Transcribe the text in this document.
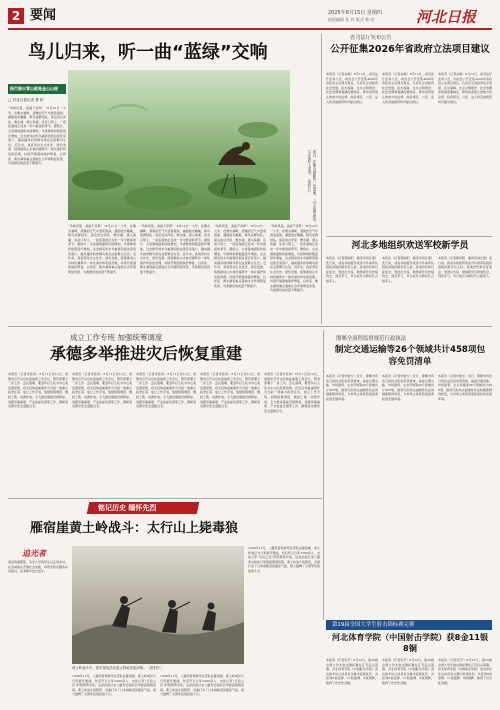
2 要闻	2025年8月15日 星期四
值班编辑 张 玲 版式 韩 欣	河北日报
鸟儿归来，听一曲“蓝绿”交响
夏日，在衡水湖畔的一处湿地，一对水雉带着幼鸟在荷叶上觅食。（资料片）
践行绿水青山就是金山山规
□ 河北日报记者 曹 彬
“鸟鸣风里，美丽不是梦！”8月12日一大早，在衡水湖畔，清晨的空气中透着湿润，湖面波光粼粼，候鸟成群结队。保定的白洋淀、衡水湖、唐山南湖、张家口坝上，一座座湿地正迎来一年中最美的季节。据统计，全省湿地面积持续增加，鸟类种类和数量逐年增加，过去鲜见的水鸟重新回到这里安家落户，越来越多的珍稀鸟类在这里繁衍生息。近年来，我省坚持生态优先、绿色发展，统筹推进山水林田湖草沙一体化保护和系统治理，持续开展湿地保护修复，白洋淀、衡水湖等重点湿地生态环境明显改善，鸟类栖息地质量不断提升。
“鸟鸣风里，美丽不是梦！”8月12日一大早，在衡水湖畔，清晨的空气中透着湿润，湖面波光粼粼，候鸟成群结队。保定的白洋淀、衡水湖、唐山南湖、张家口坝上，一座座湿地正迎来一年中最美的季节。据统计，全省湿地面积持续增加，鸟类种类和数量逐年增加，过去鲜见的水鸟重新回到这里安家落户，越来越多的珍稀鸟类在这里繁衍生息。近年来，我省坚持生态优先、绿色发展，统筹推进山水林田湖草沙一体化保护和系统治理，持续开展湿地保护修复，白洋淀、衡水湖等重点湿地生态环境明显改善，鸟类栖息地质量不断提升。
“鸟鸣风里，美丽不是梦！”8月12日一大早，在衡水湖畔，清晨的空气中透着湿润，湖面波光粼粼，候鸟成群结队。保定的白洋淀、衡水湖、唐山南湖、张家口坝上，一座座湿地正迎来一年中最美的季节。据统计，全省湿地面积持续增加，鸟类种类和数量逐年增加，过去鲜见的水鸟重新回到这里安家落户，越来越多的珍稀鸟类在这里繁衍生息。近年来，我省坚持生态优先、绿色发展，统筹推进山水林田湖草沙一体化保护和系统治理，持续开展湿地保护修复，白洋淀、衡水湖等重点湿地生态环境明显改善，鸟类栖息地质量不断提升。
“鸟鸣风里，美丽不是梦！”8月12日一大早，在衡水湖畔，清晨的空气中透着湿润，湖面波光粼粼，候鸟成群结队。保定的白洋淀、衡水湖、唐山南湖、张家口坝上，一座座湿地正迎来一年中最美的季节。据统计，全省湿地面积持续增加，鸟类种类和数量逐年增加，过去鲜见的水鸟重新回到这里安家落户，越来越多的珍稀鸟类在这里繁衍生息。近年来，我省坚持生态优先、绿色发展，统筹推进山水林田湖草沙一体化保护和系统治理，持续开展湿地保护修复，白洋淀、衡水湖等重点湿地生态环境明显改善，鸟类栖息地质量不断提升。
“鸟鸣风里，美丽不是梦！”8月12日一大早，在衡水湖畔，清晨的空气中透着湿润，湖面波光粼粼，候鸟成群结队。保定的白洋淀、衡水湖、唐山南湖、张家口坝上，一座座湿地正迎来一年中最美的季节。据统计，全省湿地面积持续增加，鸟类种类和数量逐年增加，过去鲜见的水鸟重新回到这里安家落户，越来越多的珍稀鸟类在这里繁衍生息。近年来，我省坚持生态优先、绿色发展，统筹推进山水林田湖草沙一体化保护和系统治理，持续开展湿地保护修复，白洋淀、衡水湖等重点湿地生态环境明显改善，鸟类栖息地质量不断提升。
省司法厅发布公告
公开征集2026年省政府立法项目建议
本报讯（记者谷峰）8月12日，省司法厅发布公告，向社会公开征集2026年省政府立法项目建议。凡涉及全省经济社会发展、民生保障、生态文明建设、社会治理等领域需要制定、修改或者废止的地方性法规、政府规章，公民、法人和其他组织均可提出建议。
本报讯（记者谷峰）8月12日，省司法厅发布公告，向社会公开征集2026年省政府立法项目建议。凡涉及全省经济社会发展、民生保障、生态文明建设、社会治理等领域需要制定、修改或者废止的地方性法规、政府规章，公民、法人和其他组织均可提出建议。
本报讯（记者谷峰）8月12日，省司法厅发布公告，向社会公开征集2026年省政府立法项目建议。凡涉及全省经济社会发展、民生保障、生态文明建设、社会治理等领域需要制定、修改或者废止的地方性法规、政府规章，公民、法人和其他组织均可提出建议。
河北多地组织欢送军校新学员
本报讯（记者郭向阳、通讯员刘红强）连日来，我省多地组织欢送今年被军队院校录取的新学员入校。各地纷纷举行座谈会、欢送仪式等，勉励新学员珍惜机会，刻苦学习，早日成长为新时代合格军人。
本报讯（记者郭向阳、通讯员刘红强）连日来，我省多地组织欢送今年被军队院校录取的新学员入校。各地纷纷举行座谈会、欢送仪式等，勉励新学员珍惜机会，刻苦学习，早日成长为新时代合格军人。
本报讯（记者郭向阳、通讯员刘红强）连日来，我省多地组织欢送今年被军队院校录取的新学员入校。各地纷纷举行座谈会、欢送仪式等，勉励新学员珍惜机会，刻苦学习，早日成长为新时代合格军人。
成立工作专班 加强统筹调度
承德多举推进灾后恢复重建
本报讯（记者李佳伟）8月11日至12日，承德市召开灾后恢复重建工作会议，研究部署下一步工作。会议强调，要坚持以人民为中心的发展思想，把灾后恢复重建作为当前一项重大政治任务，成立工作专班，加强统筹调度，倒排工期、挂图作战，全力推进基础设施修复、受损房屋重建、产业恢复发展等工作，确保受灾群众安全温暖过冬。
本报讯（记者李佳伟）8月11日至12日，承德市召开灾后恢复重建工作会议，研究部署下一步工作。会议强调，要坚持以人民为中心的发展思想，把灾后恢复重建作为当前一项重大政治任务，成立工作专班，加强统筹调度，倒排工期、挂图作战，全力推进基础设施修复、受损房屋重建、产业恢复发展等工作，确保受灾群众安全温暖过冬。
本报讯（记者李佳伟）8月11日至12日，承德市召开灾后恢复重建工作会议，研究部署下一步工作。会议强调，要坚持以人民为中心的发展思想，把灾后恢复重建作为当前一项重大政治任务，成立工作专班，加强统筹调度，倒排工期、挂图作战，全力推进基础设施修复、受损房屋重建、产业恢复发展等工作，确保受灾群众安全温暖过冬。
本报讯（记者李佳伟）8月11日至12日，承德市召开灾后恢复重建工作会议，研究部署下一步工作。会议强调，要坚持以人民为中心的发展思想，把灾后恢复重建作为当前一项重大政治任务，成立工作专班，加强统筹调度，倒排工期、挂图作战，全力推进基础设施修复、受损房屋重建、产业恢复发展等工作，确保受灾群众安全温暖过冬。
本报讯（记者李佳伟）8月11日至12日，承德市召开灾后恢复重建工作会议，研究部署下一步工作。会议强调，要坚持以人民为中心的发展思想，把灾后恢复重建作为当前一项重大政治任务，成立工作专班，加强统筹调度，倒排工期、挂图作战，全力推进基础设施修复、受损房屋重建、产业恢复发展等工作，确保受灾群众安全温暖过冬。
邯郸全流程监督规范行政执法
制定交通运输等26个领域共计458项包容免罚清单
本报讯（记者付艳红）近日，邯郸市印发行政执法包容免罚清单，涵盖交通运输、市场监管、生态环境等26个领域共计458项，推动行政执法由刚性执法向刚柔相济转变，为市场主体营造更加宽松的发展环境。
本报讯（记者付艳红）近日，邯郸市印发行政执法包容免罚清单，涵盖交通运输、市场监管、生态环境等26个领域共计458项，推动行政执法由刚性执法向刚柔相济转变，为市场主体营造更加宽松的发展环境。
本报讯（记者付艳红）近日，邯郸市印发行政执法包容免罚清单，涵盖交通运输、市场监管、生态环境等26个领域共计458项，推动行政执法由刚性执法向刚柔相济转变，为市场主体营造更加宽松的发展环境。
铭记历史 缅怀先烈
雁宿崖黄土岭战斗：太行山上毙毒狼
追光者
清凉的暑假里，河北大学的学生们走进乡村，在田间地头开展社会实践，用所学知识服务乡村振兴，在奉献中成长成才。
黄土岭战斗中，我军指战员向敌人阵地发起冲锋。（资料片）
1939年11月，八路军晋察冀军区部队在雁宿崖、黄土岭地区与日军展开激战，先后歼灭日军1500余人，击毙日军“名将之花”阿部规秀中将，这是抗战以来八路军击毙的日军最高级别将领。黄土岭战斗的胜利，沉重打击了日本侵略者的嚣张气焰，极大鼓舞了全国军民的抗战斗志。
1939年11月，八路军晋察冀军区部队在雁宿崖、黄土岭地区与日军展开激战，先后歼灭日军1500余人，击毙日军“名将之花”阿部规秀中将，这是抗战以来八路军击毙的日军最高级别将领。黄土岭战斗的胜利，沉重打击了日本侵略者的嚣张气焰，极大鼓舞了全国军民的抗战斗志。
1939年11月，八路军晋察冀军区部队在雁宿崖、黄土岭地区与日军展开激战，先后歼灭日军1500余人，击毙日军“名将之花”阿部规秀中将，这是抗战以来八路军击毙的日军最高级别将领。黄土岭战斗的胜利，沉重打击了日本侵略者的嚣张气焰，极大鼓舞了全国军民的抗战斗志。
第19届全国大学生射击锦标赛完赛
河北体育学院（中国射击学院）获8金11银8铜
本报讯（记者宋平）8月13日，第19届全国大学生射击锦标赛在江苏宜兴落幕。河北体育学院（中国射击学院）派出的学生运动员在比赛中表现优异，共获得8枚金牌、11枚银牌、8枚铜牌，取得了历史性突破。
本报讯（记者宋平）8月13日，第19届全国大学生射击锦标赛在江苏宜兴落幕。河北体育学院（中国射击学院）派出的学生运动员在比赛中表现优异，共获得8枚金牌、11枚银牌、8枚铜牌，取得了历史性突破。
本报讯（记者宋平）8月13日，第19届全国大学生射击锦标赛在江苏宜兴落幕。河北体育学院（中国射击学院）派出的学生运动员在比赛中表现优异，共获得8枚金牌、11枚银牌、8枚铜牌，取得了历史性突破。
